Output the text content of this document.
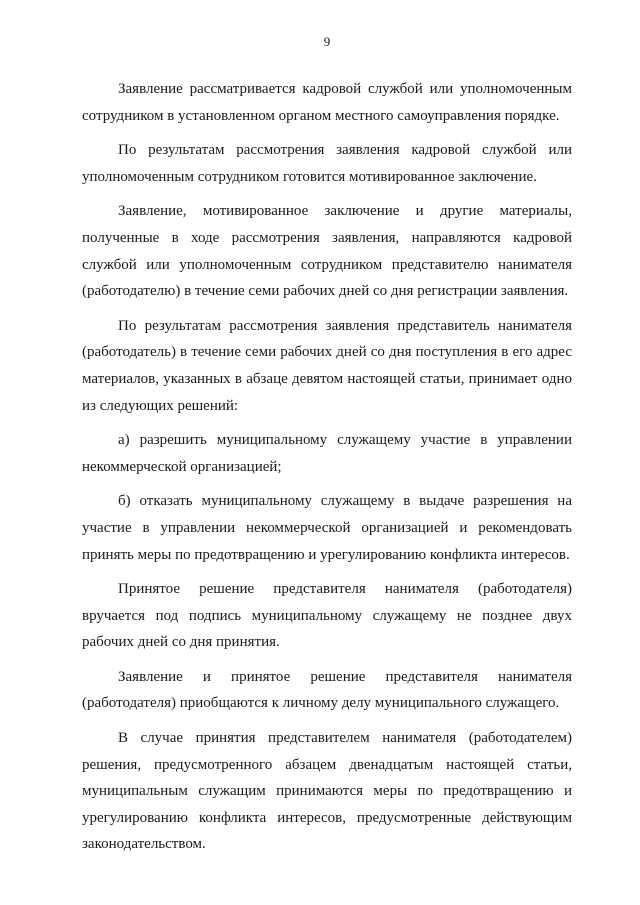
9

Заявление рассматривается кадровой службой или уполномоченным сотрудником в установленном органом местного самоуправления порядке.

По результатам рассмотрения заявления кадровой службой или уполномоченным сотрудником готовится мотивированное заключение.

Заявление, мотивированное заключение и другие материалы, полученные в ходе рассмотрения заявления, направляются кадровой службой или уполномоченным сотрудником представителю нанимателя (работодателю) в течение семи рабочих дней со дня регистрации заявления.

По результатам рассмотрения заявления представитель нанимателя (работодатель) в течение семи рабочих дней со дня поступления в его адрес материалов, указанных в абзаце девятом настоящей статьи, принимает одно из следующих решений:

а) разрешить муниципальному служащему участие в управлении некоммерческой организацией;

б) отказать муниципальному служащему в выдаче разрешения на участие в управлении некоммерческой организацией и рекомендовать принять меры по предотвращению и урегулированию конфликта интересов.

Принятое решение представителя нанимателя (работодателя) вручается под подпись муниципальному служащему не позднее двух рабочих дней со дня принятия.

Заявление и принятое решение представителя нанимателя (работодателя) приобщаются к личному делу муниципального служащего.

В случае принятия представителем нанимателя (работодателем) решения, предусмотренного абзацем двенадцатым настоящей статьи, муниципальным служащим принимаются меры по предотвращению и урегулированию конфликта интересов, предусмотренные действующим законодательством.
